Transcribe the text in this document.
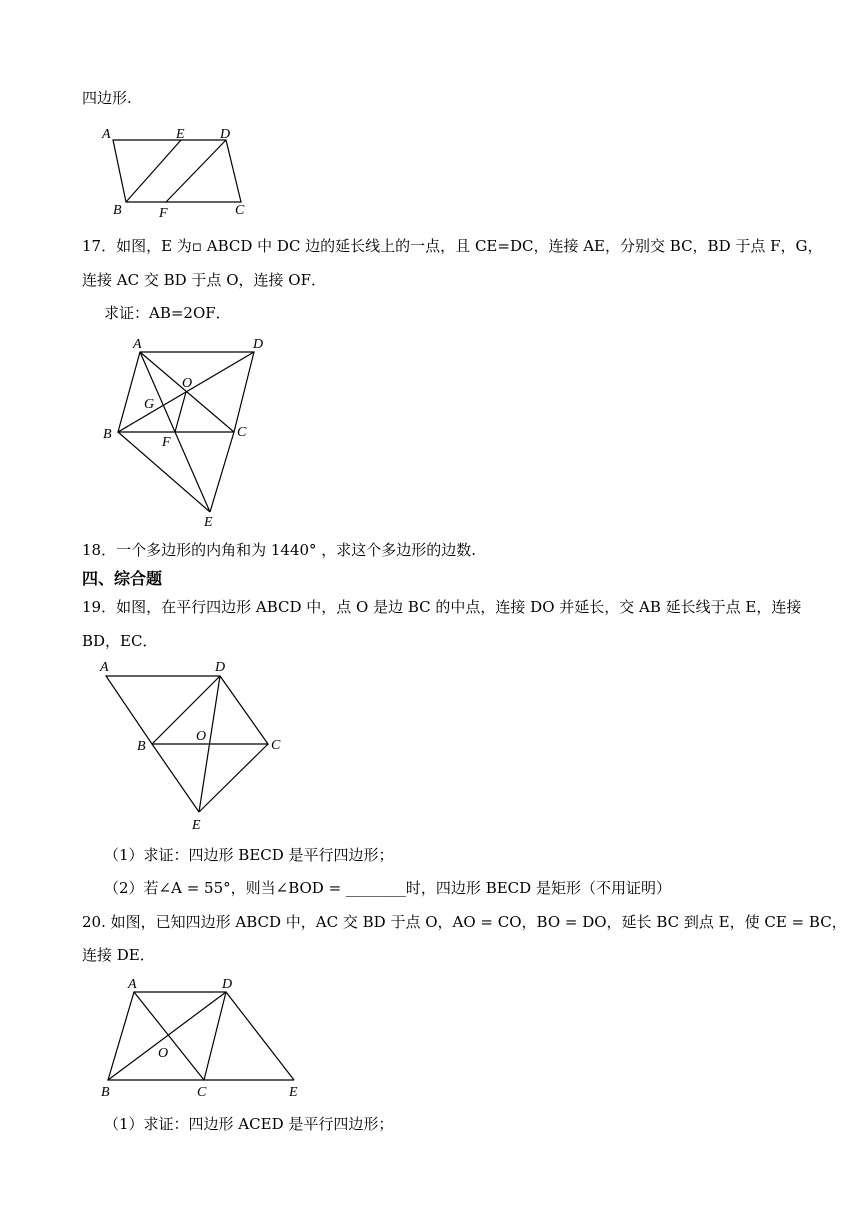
四边形.
A	E	D
B	F	C
17．如图，E 为▫ ABCD 中 DC 边的延长线上的一点，且 CE=DC，连接 AE，分别交 BC，BD 于点 F，G，
连接 AC 交 BD 于点 O，连接 OF．
求证：AB=2OF．
A	D
O
G
B
F
C
E
18．一个多边形的内角和为 1440° ，求这个多边形的边数.
四、综合题
19．如图，在平行四边形 ABCD 中，点 O 是边 BC 的中点，连接 DO 并延长，交 AB 延长线于点 E，连接
BD，EC．
A	D
O
B	C
E
（1）求证：四边形 BECD 是平行四边形；
（2）若∠A = 55°，则当∠BOD = ________时，四边形 BECD 是矩形（不用证明）
20. 如图，已知四边形 ABCD 中，AC 交 BD 于点 O，AO = CO，BO = DO，延长 BC 到点 E，使 CE = BC，
连接 DE．
A	D
O
B	C	E
（1）求证：四边形 ACED 是平行四边形；
